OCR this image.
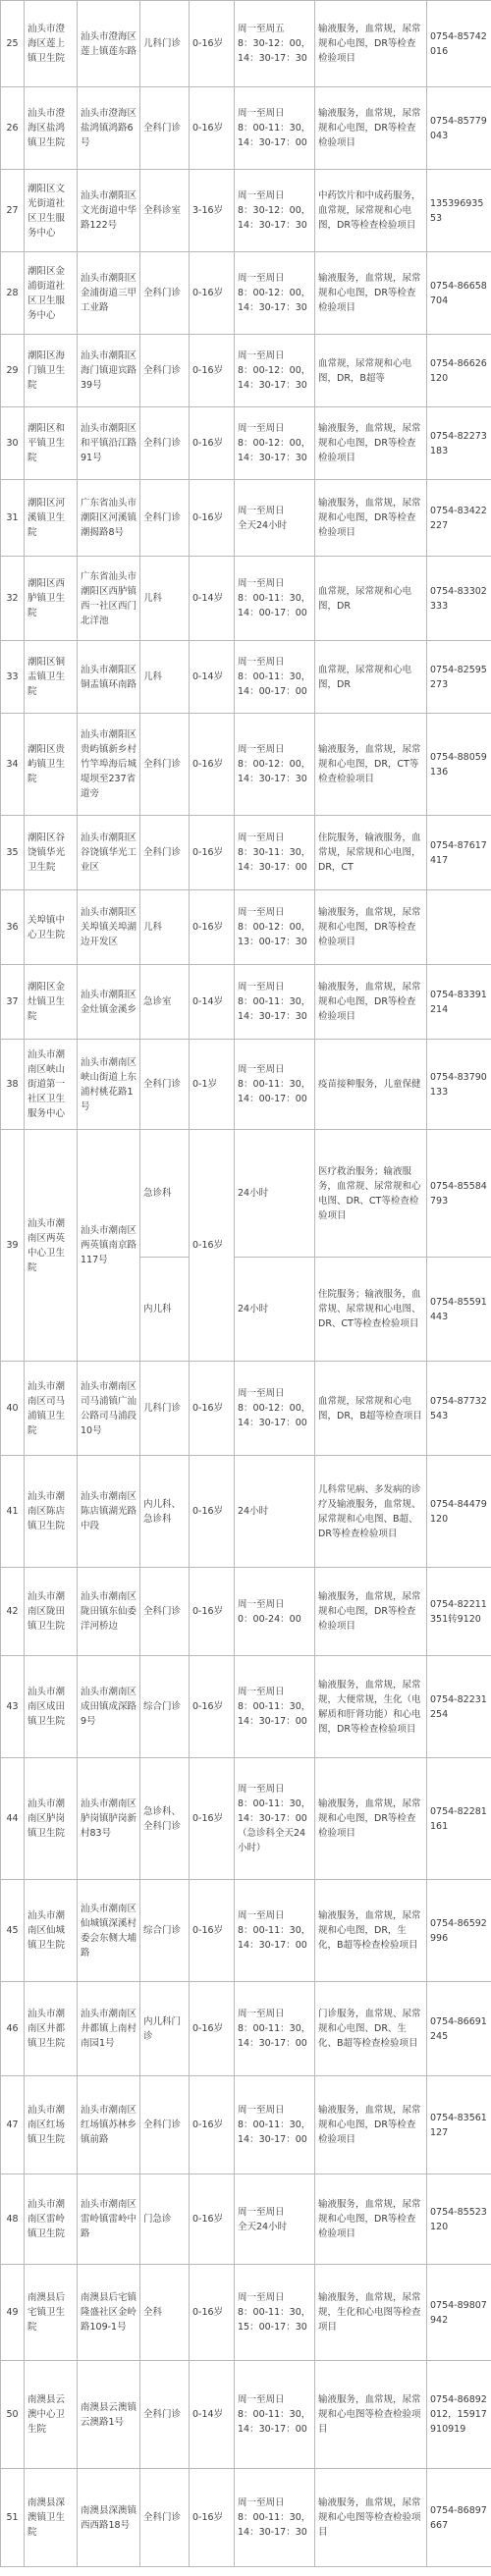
25	汕头市澄海区莲上镇卫生院	汕头市澄海区莲上镇莲东路	儿科门诊	0-16岁	周一至周五
8：30-12：00，14：30-17：30	输液服务，血常规，尿常规和心电图，DR等检查检验项目	0754-85742016
26	汕头市澄海区盐鸿镇卫生院	汕头市澄海区盐鸿镇鸿路6号	全科门诊	0-16岁	周一至周日
8：00-11：30，14：30-17：00	输液服务，血常规，尿常规和心电图，DR等检查检验项目	0754-85779043
27	潮阳区文光街道社区卫生服务中心	汕头市潮阳区文光街道中华路122号	全科诊室	3-16岁	周一至周日
8：30-12：00，14：30-17：30	中药饮片和中成药服务，血常规，尿常规和心电图，DR等检查检验项目	13539693553
28	潮阳区金浦街道社区卫生服务中心	汕头市潮阳区金浦街道三甲工业路	全科门诊	0-16岁	周一至周日
8：00-12：00，14：30-17：30	输液服务，血常规，尿常规和心电图，DR等检查检验项目	0754-86658704
29	潮阳区海门镇卫生院	汕头市潮阳区海门镇迎宾路39号	全科门诊	0-16岁	周一至周日
8：00-12：00，14：30-17：30	血常规，尿常规和心电图，DR，B超等	0754-86626120
30	潮阳区和平镇卫生院	汕头市潮阳区和平镇沿江路91号	全科门诊	0-16岁	周一至周日
8：00-12：00，14：30-17：30	输液服务，血常规，尿常规和心电图，DR等检查检验项目	0754-82273183
31	潮阳区河溪镇卫生院	广东省汕头市潮阳区河溪镇潮揭路8号	全科门诊	0-16岁	周一至周日
全天24小时	输液服务，血常规，尿常规和心电图，DR等检查检验项目	0754-83422227
32	潮阳区西胪镇卫生院	广东省汕头市潮阳区西胪镇西一社区西门北洋池	儿科	0-14岁	周一至周日
8：00-11：30，14：00-17：00	血常规，尿常规和心电图，DR	0754-83302333
33	潮阳区铜盂镇卫生院	汕头市潮阳区铜盂镇环南路	儿科	0-14岁	周一至周日
8：00-11：30，14：00-17：00	血常规，尿常规和心电图，DR	0754-82595273
34	潮阳区贵屿镇卫生院	汕头市潮阳区贵屿镇新乡村竹竿埠海后城堤坝至237省道旁	全科门诊	0-16岁	周一至周日
8：00-12：00，14：30-17：30	输液服务，血常规，尿常规和心电图，DR，CT等检查检验项目	0754-88059136
35	潮阳区谷饶镇华光卫生院	汕头市潮阳区谷饶镇华光工业区	全科门诊	0-16岁	周一至周日
8：30-11：30，14：30-17：00	住院服务，输液服务，血常规，尿常规和心电图，DR，CT	0754-87617417
36	关埠镇中心卫生院	汕头市潮阳区关埠镇关埠湖边开发区	儿科	0-16岁	周一至周日
8：00-12：00，13：00-17：30	输液服务，血常规，尿常规和心电图，DR等检查检验项目	
37	潮阳区金灶镇卫生院	汕头市潮阳区金灶镇金溪乡	急诊室	0-14岁	周一至周日
8：00-11：30，14：30-17：30	输液服务，血常规，尿常规和心电图，DR等检查检验项目	0754-83391214
38	汕头市潮南区峡山街道第一社区卫生服务中心	汕头市潮南区峡山街道上东浦村桃花路1号	全科门诊	0-1岁	周一至周日
8：00-11：30，14：00-17：00	疫苗接种服务，儿童保健	0754-83790133
39	汕头市潮南区两英中心卫生院	汕头市潮南区两英镇南京路117号	急诊科	0-16岁	24小时	医疗救治服务；输液服务，血常规、尿常规和心电图、DR、CT等检查检验项目	0754-85584793
			内儿科		24小时	住院服务；输液服务，血常规、尿常规和心电图、DR、CT等检查检验项目	0754-85591443
40	汕头市潮南区司马浦镇卫生院	汕头市潮南区司马浦镇广汕公路司马浦段10号	儿科门诊	0-16岁	周一至周日
8：00-12：00，14：30-17：00	血常规，尿常规和心电图，DR，B超等检查项目	0754-87732543
41	汕头市潮南区陈店镇卫生院	汕头市潮南区陈店镇湖光路中段	内儿科、急诊科	0-16岁	24小时	儿科常见病、多发病的诊疗及输液服务，血常规、尿常规和心电图、B超、DR等检查检验项目	0754-84479120
42	汕头市潮南区陇田镇卫生院	汕头市潮南区陇田镇东仙委洋河桥边	全科门诊	0-16岁	周一至周日
0：00-24：00	输液服务，血常规，尿常规和心电图，DR等检查检验项目	0754-82211351转9120
43	汕头市潮南区成田镇卫生院	汕头市潮南区成田镇成深路9号	综合门诊	0-16岁	周一至周日
8：00-11：30，14：30-17：00	输液服务，血常规，尿常规，大便常规，生化（电解质和肝肾功能）和心电图，DR等检查检验项目	0754-82231254
44	汕头市潮南区胪岗镇卫生院	汕头市潮南区胪岗镇胪岗新村83号	急诊科、全科门诊	0-16岁	周一至周日
8：00-11：30，14：30-17：00（急诊科全天24小时）	输液服务，血常规，尿常规和心电图，DR等检查检验项目	0754-82281161
45	汕头市潮南区仙城镇卫生院	汕头市潮南区仙城镇深溪村委会东侧大埔路	综合门诊	0-16岁	周一至周日
8：00-11：30，14：30-17：00	输液服务，血常规，尿常规和心电图，DR，生化，B超等检查检验项目	0754-86592996
46	汕头市潮南区井都镇卫生院	汕头市潮南区井都镇上南村南园1号	内儿科门诊	0-16岁	周一至周日
8：00-11：30，14：30-17：00	门诊服务，血常规、尿常规和心电图、DR、生化、B超等检查检验项目	0754-86691245
47	汕头市潮南区红场镇卫生院	汕头市潮南区红场镇苏林乡镇前路	全科门诊	0-16岁	周一至周日
8：00-11：30，14：30-17：00	输液服务，血常规，尿常规和心电图，DR等检查检验项目	0754-83561127
48	汕头市潮南区雷岭镇卫生院	汕头市潮南区雷岭镇雷岭中路	门急诊	0-16岁	周一至周日
全天24小时	输液服务，血常规，尿常规和心电图，DR等检查检验项目	0754-85523120
49	南澳县后宅镇卫生院	南澳县后宅镇隆盛社区金岭路109-1号	全科	0-16岁	周一至周日
8：00-11：30，15：00-17：30	输液服务，血常规，尿常规，生化和心电图等检查项目	0754-89807942
50	南澳县云澳中心卫生院	南澳县云澳镇云澳路1号	全科门诊	0-14岁	周一至周日
8：00-11：30，14：30-17：00	输液服务，血常规，尿常规和心电图等检查检验项目	0754-86892012，15917910919
51	南澳县深澳镇卫生院	南澳县深澳镇西西路18号	全科门诊	0-16岁	周一至周日
8：00-11：30，14：30-17：30	输液服务，血常规，尿常规和心电图等检查检验项目	0754-86897667
